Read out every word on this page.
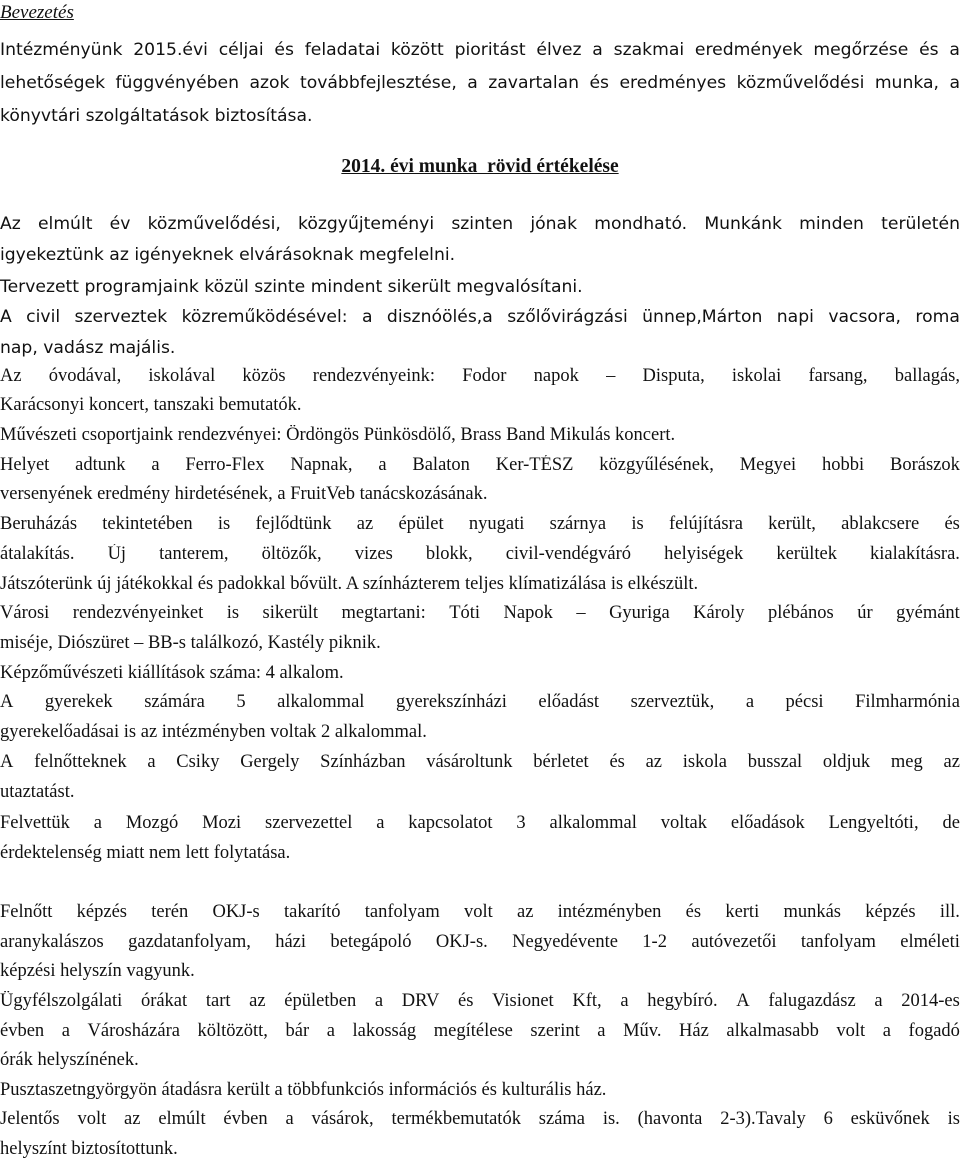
Bevezetés
Intézményünk 2015.évi céljai és feladatai között pioritást élvez a szakmai eredmények megőrzése és a
lehetőségek függvényében azok továbbfejlesztése, a zavartalan és eredményes közművelődési munka, a
könyvtári szolgáltatások biztosítása.
2014. évi munka  rövid értékelése
Az elmúlt év közművelődési, közgyűjteményi szinten jónak mondható. Munkánk minden területén
igyekeztünk az igényeknek elvárásoknak megfelelni.
Tervezett programjaink közül szinte mindent sikerült megvalósítani.
A civil szerveztek közreműködésével: a disznóölés,a szőlővirágzási ünnep,Márton napi vacsora, roma
nap, vadász majális.
Az óvodával, iskolával közös rendezvényeink: Fodor napok – Disputa, iskolai farsang, ballagás,
Karácsonyi koncert, tanszaki bemutatók.
Művészeti csoportjaink rendezvényei: Ördöngös Pünkösdölő, Brass Band Mikulás koncert.
Helyet adtunk a Ferro-Flex Napnak, a Balaton Ker-TÉSZ közgyűlésének, Megyei hobbi Borászok
versenyének eredmény hirdetésének, a FruitVeb tanácskozásának.
Beruházás tekintetében is fejlődtünk az épület nyugati szárnya is felújításra került, ablakcsere és
átalakítás. Új tanterem, öltözők, vizes blokk, civil-vendégváró helyiségek kerültek kialakításra.
Játszóterünk új játékokkal és padokkal bővült. A színházterem teljes klímatizálása is elkészült.
Városi rendezvényeinket is sikerült megtartani: Tóti Napok – Gyuriga Károly plébános úr gyémánt
miséje, Diószüret – BB-s találkozó, Kastély piknik.
Képzőművészeti kiállítások száma: 4 alkalom.
A gyerekek számára 5 alkalommal gyerekszínházi előadást szerveztük, a pécsi Filmharmónia
gyerekelőadásai is az intézményben voltak 2 alkalommal.
A felnőtteknek a Csiky Gergely Színházban vásároltunk bérletet és az iskola busszal oldjuk meg az
utaztatást.
Felvettük a Mozgó Mozi szervezettel a kapcsolatot 3 alkalommal voltak előadások Lengyeltóti, de
érdektelenség miatt nem lett folytatása.
Felnőtt képzés terén OKJ-s takarító tanfolyam volt az intézményben és kerti munkás képzés ill.
aranykalászos gazdatanfolyam, házi betegápoló OKJ-s. Negyedévente 1-2 autóvezetői tanfolyam elméleti
képzési helyszín vagyunk.
Ügyfélszolgálati órákat tart az épületben a DRV és Visionet Kft, a hegybíró. A falugazdász a 2014-es
évben a Városházára költözött, bár a lakosság megítélese szerint a Műv. Ház alkalmasabb volt a fogadó
órák helyszínének.
Pusztaszetngyörgyön átadásra került a többfunkciós információs és kulturális ház.
Jelentős volt az elmúlt évben a vásárok, termékbemutatók száma is. (havonta 2-3).Tavaly 6 esküvőnek is
helyszínt biztosítottunk.
